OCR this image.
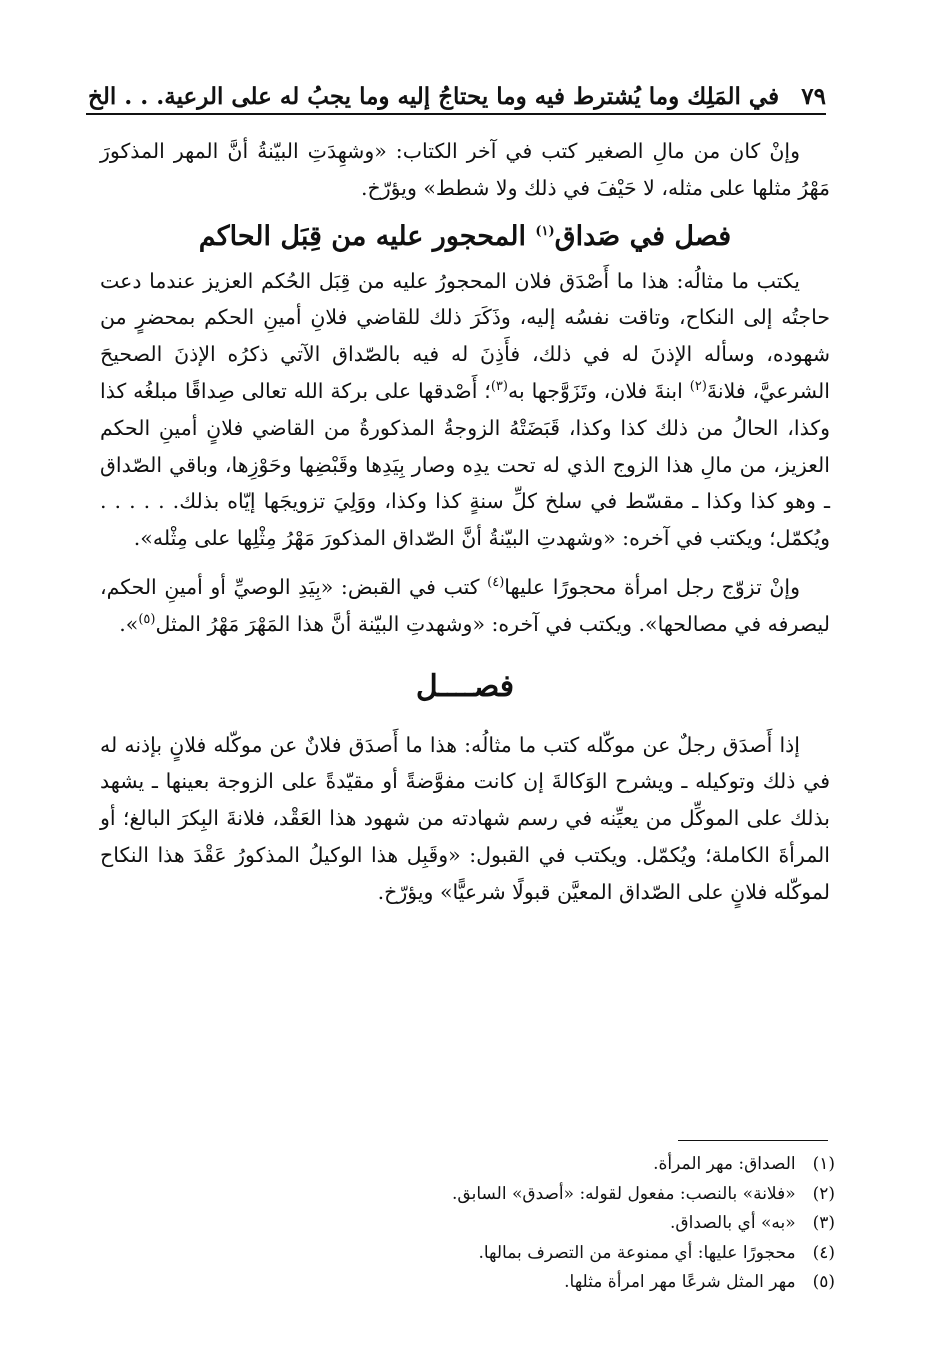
في المَلِك وما يُشترط فيه وما يحتاجُ إليه وما يجبُ له على الرعية. . . الخ ٧٩

وإنْ كان من مالِ الصغير كتب في آخر الكتاب: «وشهِدَتِ البيّنةُ أنَّ المهر المذكورَ مَهْرُ مثلها على مثله، لا حَيْفَ في ذلك ولا شطط» ويؤرّخ.

فصل في صَداق$^{(١)}$ المحجور عليه من قِبَل الحاكم

يكتب ما مثالُه: هذا ما أَصْدَق فلان المحجورُ عليه من قِبَل الحُكم العزيز عندما دعت حاجتُه إلى النكاح، وتاقت نفسُه إليه، وذَكَرَ ذلك للقاضي فلانِ أمينِ الحكم بمحضرٍ من شهوده، وسأله الإذنَ له في ذلك، فأَذِنَ له فيه بالصّداق الآتي ذكرُه الإذنَ الصحيحَ الشرعيَّ، فلانةَ$^{(٢)}$ ابنةَ فلان، وتَزَوَّجها به$^{(٣)}$؛ أَصْدقها على بركة الله تعالى صِداقًا مبلغُه كذا وكذا، الحالُ من ذلك كذا وكذا، قَبَضَتْهُ الزوجةُ المذكورةُ من القاضي فلانٍ أمينِ الحكم العزيز، من مالِ هذا الزوج الذي له تحت يدِه وصار بِيَدِها وقَبْضِها وحَوْزِها، وباقي الصّداق ـ وهو كذا وكذا ـ مقسّط في سلخ كلِّ سنةٍ كذا وكذا، ووَلِيَ تزويجَها إيّاه بذلك. . . . . . ويُكمّل؛ ويكتب في آخره: «وشهدتِ البيّنةُ أنَّ الصّداق المذكورَ مَهْرُ مِثْلِها على مِثْله».

وإنْ تزوّج رجل امرأة محجورًا عليها$^{(٤)}$ كتب في القبض: «بِيَدِ الوصيِّ أو أمينِ الحكم، ليصرفه في مصالحها». ويكتب في آخره: «وشهدتِ البيّنة أنَّ هذا المَهْرَ مَهْرُ المثل$^{(٥)}$».

فصــــل

إذا أَصدَق رجلٌ عن موكّله كتب ما مثالُه: هذا ما أَصدَق فلانٌ عن موكّله فلانٍ بإذنه له في ذلك وتوكيله ـ ويشرح الوَكالةَ إن كانت مفوَّضةً أو مقيّدةً على الزوجة بعينها ـ يشهد بذلك على الموكِّل من يعيِّنه في رسم شهادته من شهود هذا العَقْد، فلانةَ البِكرَ البالغ؛ أو المرأةَ الكاملة؛ ويُكمّل. ويكتب في القبول: «وقَبِل هذا الوكيلُ المذكورُ عَقْدَ هذا النكاح لموكّله فلانٍ على الصّداق المعيَّن قبولًا شرعيًّا» ويؤرّخ.

(١) الصداق: مهر المرأة.

(٢) «فلانة» بالنصب: مفعول لقوله: «أصدق» السابق.

(٣) «به» أي بالصداق.

(٤) محجورًا عليها: أي ممنوعة من التصرف بمالها.

(٥) مهر المثل شرعًا مهر امرأة مثلها.
